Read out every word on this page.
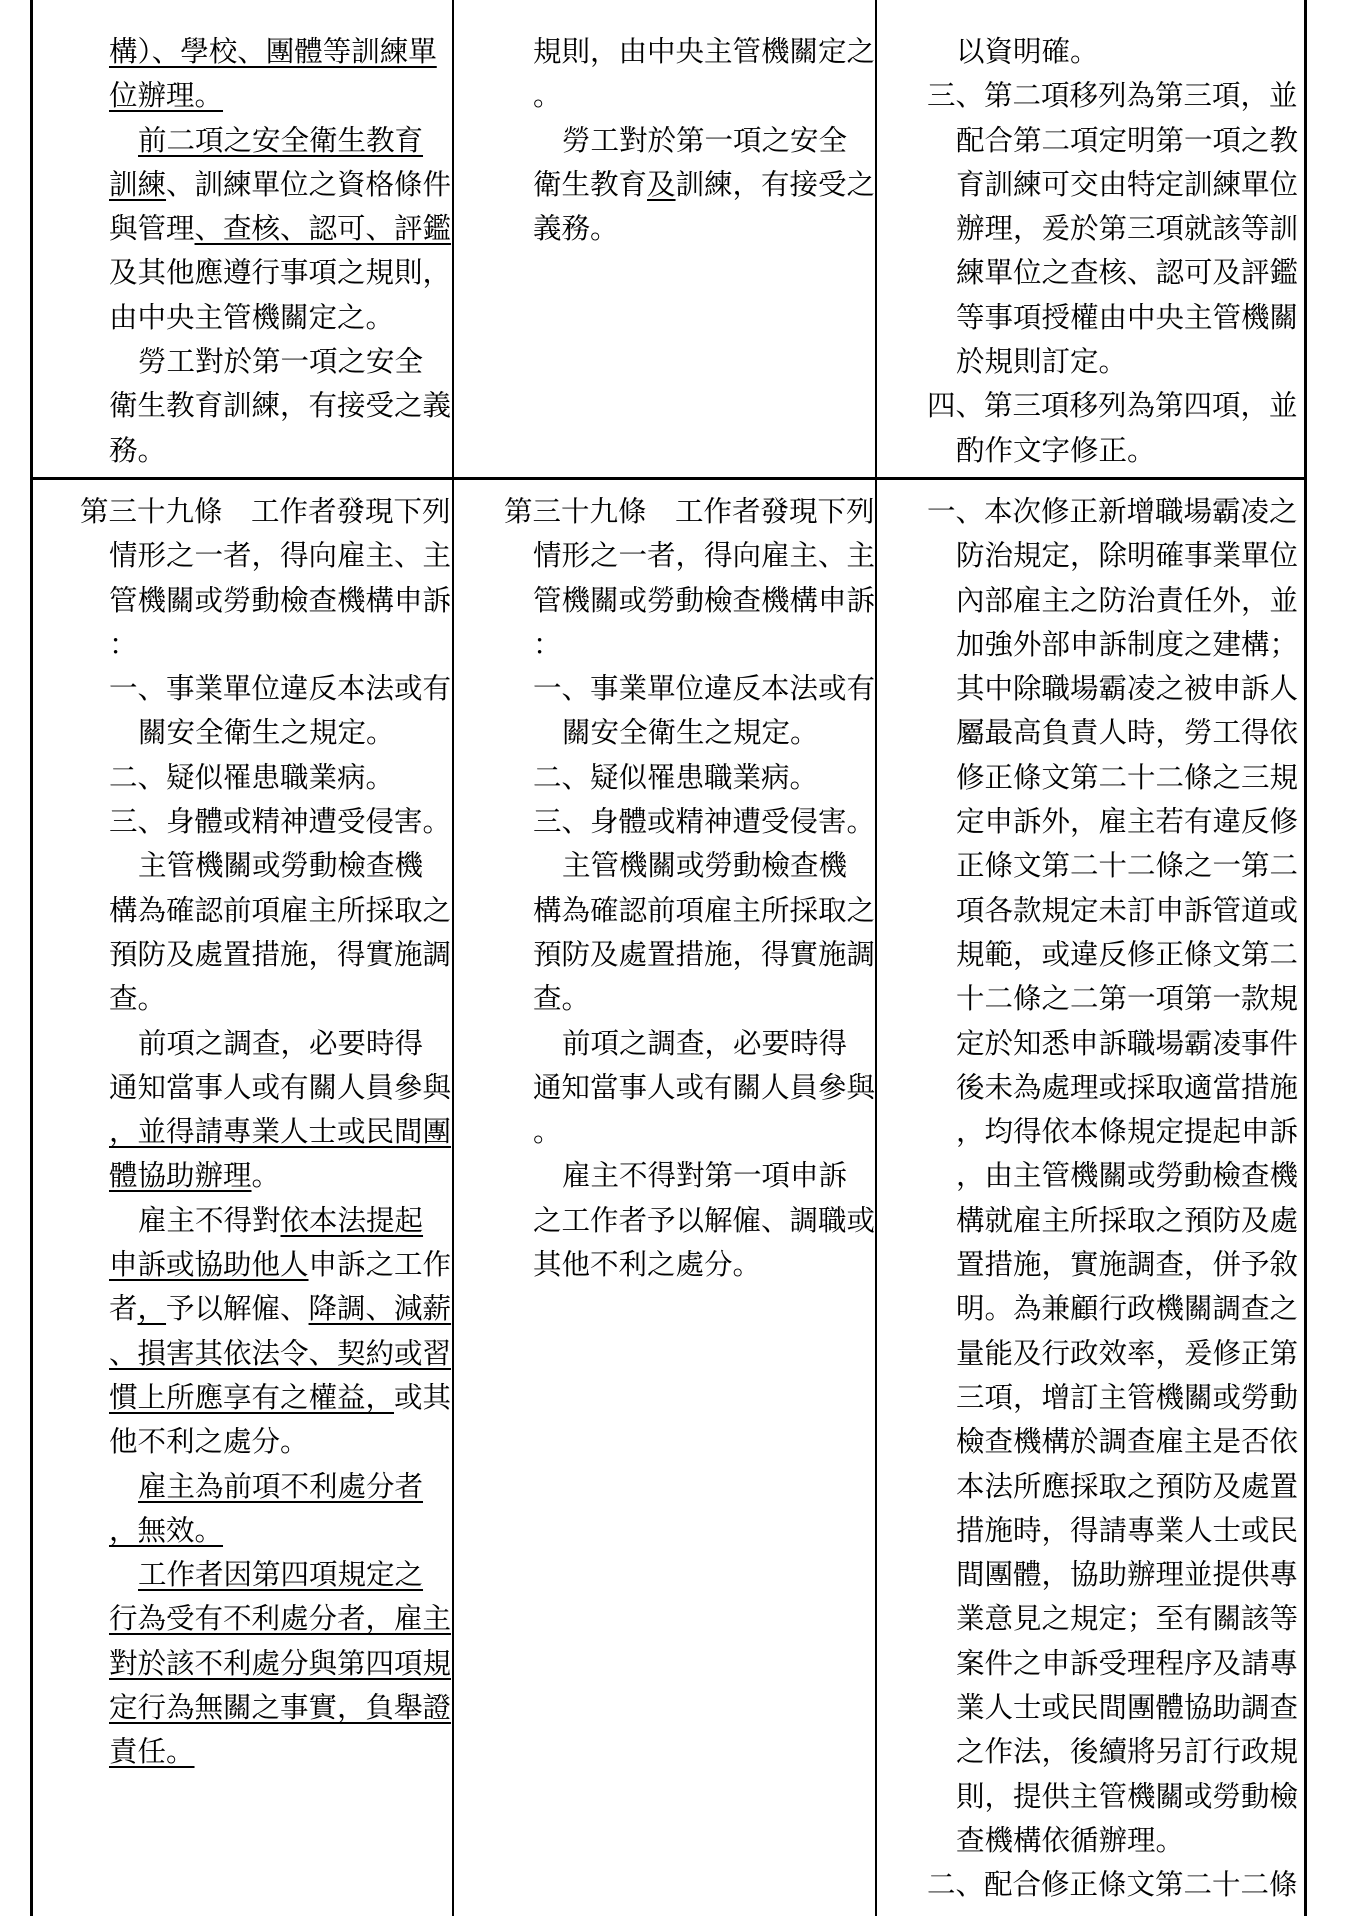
構）、學校、團體等訓練單
位辦理。
前二項之安全衛生教育
訓練、訓練單位之資格條件
與管理、查核、認可、評鑑
及其他應遵行事項之規則，
由中央主管機關定之。
勞工對於第一項之安全
衛生教育訓練，有接受之義
務。
規則，由中央主管機關定之
。
勞工對於第一項之安全
衛生教育及訓練，有接受之
義務。
以資明確。
三、第二項移列為第三項，並
配合第二項定明第一項之教
育訓練可交由特定訓練單位
辦理，爰於第三項就該等訓
練單位之查核、認可及評鑑
等事項授權由中央主管機關
於規則訂定。
四、第三項移列為第四項，並
酌作文字修正。
第三十九條　工作者發現下列
情形之一者，得向雇主、主
管機關或勞動檢查機構申訴
：
一、事業單位違反本法或有
關安全衛生之規定。
二、疑似罹患職業病。
三、身體或精神遭受侵害。
主管機關或勞動檢查機
構為確認前項雇主所採取之
預防及處置措施，得實施調
查。
前項之調查，必要時得
通知當事人或有關人員參與
，並得請專業人士或民間團
體協助辦理。
雇主不得對依本法提起
申訴或協助他人申訴之工作
者，予以解僱、降調、減薪
、損害其依法令、契約或習
慣上所應享有之權益，或其
他不利之處分。
雇主為前項不利處分者
，無效。
工作者因第四項規定之
行為受有不利處分者，雇主
對於該不利處分與第四項規
定行為無關之事實，負舉證
責任。
第三十九條　工作者發現下列
情形之一者，得向雇主、主
管機關或勞動檢查機構申訴
：
一、事業單位違反本法或有
關安全衛生之規定。
二、疑似罹患職業病。
三、身體或精神遭受侵害。
主管機關或勞動檢查機
構為確認前項雇主所採取之
預防及處置措施，得實施調
查。
前項之調查，必要時得
通知當事人或有關人員參與
。
雇主不得對第一項申訴
之工作者予以解僱、調職或
其他不利之處分。
一、本次修正新增職場霸凌之
防治規定，除明確事業單位
內部雇主之防治責任外，並
加強外部申訴制度之建構；
其中除職場霸凌之被申訴人
屬最高負責人時，勞工得依
修正條文第二十二條之三規
定申訴外，雇主若有違反修
正條文第二十二條之一第二
項各款規定未訂申訴管道或
規範，或違反修正條文第二
十二條之二第一項第一款規
定於知悉申訴職場霸凌事件
後未為處理或採取適當措施
，均得依本條規定提起申訴
，由主管機關或勞動檢查機
構就雇主所採取之預防及處
置措施，實施調查，併予敘
明。為兼顧行政機關調查之
量能及行政效率，爰修正第
三項，增訂主管機關或勞動
檢查機構於調查雇主是否依
本法所應採取之預防及處置
措施時，得請專業人士或民
間團體，協助辦理並提供專
業意見之規定；至有關該等
案件之申訴受理程序及請專
業人士或民間團體協助調查
之作法，後續將另訂行政規
則，提供主管機關或勞動檢
查機構依循辦理。
二、配合修正條文第二十二條
